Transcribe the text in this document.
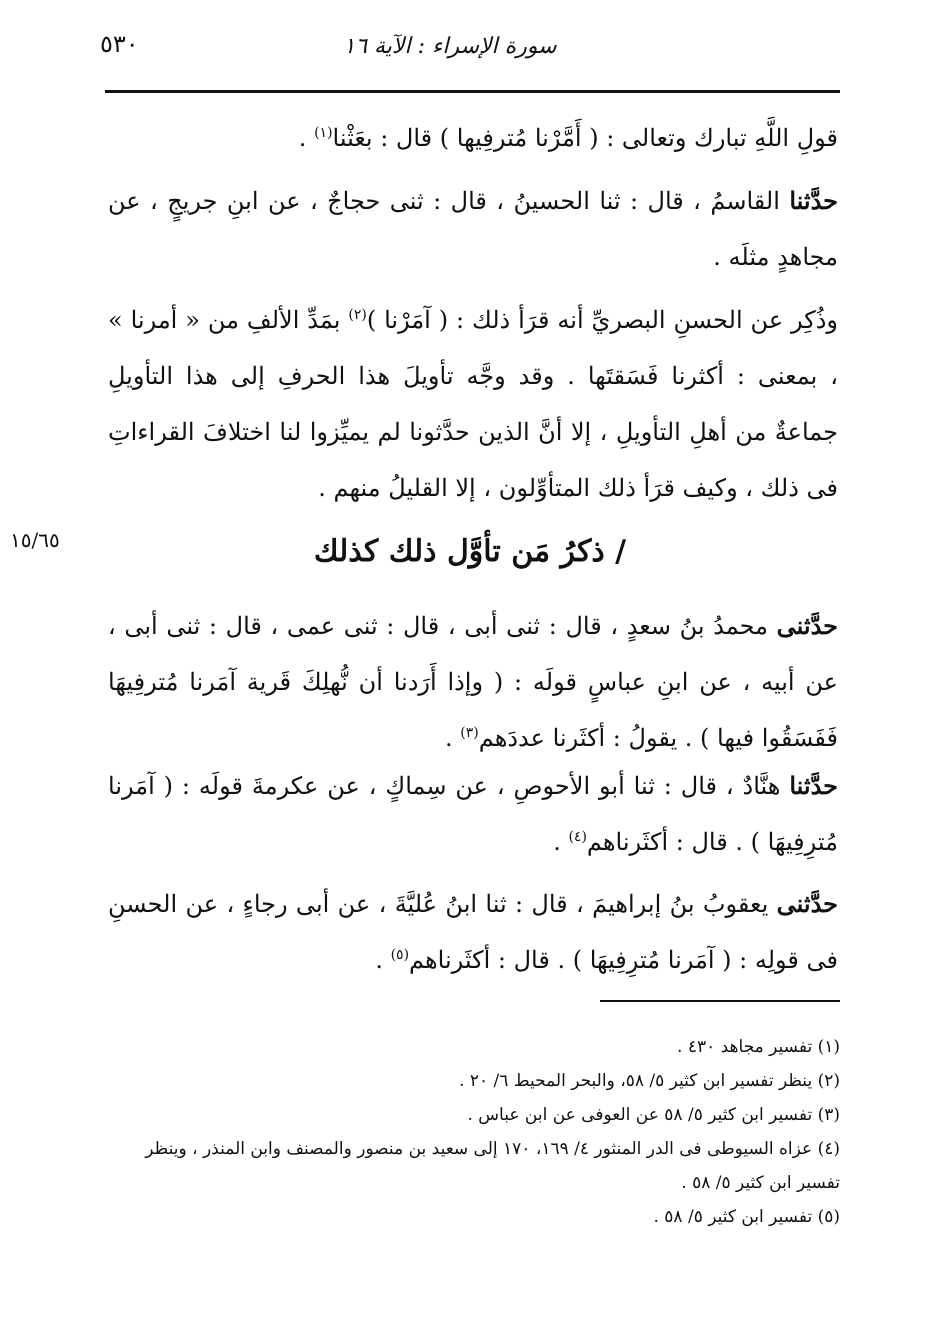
٥٣٠	سورة الإسراء : الآية ١٦
١٥/٦٥

قولِ اللَّهِ تبارك وتعالى : ( أَمَّرْنا مُترفِيها ) قال : بعَثْنا$^{(١)}$ .

حدَّثنا القاسمُ ، قال : ثنا الحسينُ ، قال : ثنى حجاجٌ ، عن ابنِ جريجٍ ، عن مجاهدٍ مثلَه .

وذُكِر عن الحسنِ البصريِّ أنه قرَأ ذلك : ( آمَرْنا )$^{(٢)}$ بمَدِّ الألفِ من « أمرنا » ، بمعنى : أكثرنا فَسَقتَها . وقد وجَّه تأويلَ هذا الحرفِ إلى هذا التأويلِ جماعةٌ من أهلِ التأويلِ ، إلا أنَّ الذين حدَّثونا لم يميِّزوا لنا اختلافَ القراءاتِ فى ذلك ، وكيف قرَأ ذلك المتأوِّلون ، إلا القليلُ منهم .

/ ذكرُ مَن تأوَّل ذلك كذلك

حدَّثنى محمدُ بنُ سعدٍ ، قال : ثنى أبى ، قال : ثنى عمى ، قال : ثنى أبى ، عن أبيه ، عن ابنِ عباسٍ قولَه : ( وإذا أَرَدنا أن نُّهلِكَ قَرية آمَرنا مُترفِيهَا فَفَسَقُوا فيها ) . يقولُ : أكثَرنا عددَهم$^{(٣)}$ .

حدَّثنا هنَّادٌ ، قال : ثنا أبو الأحوصِ ، عن سِماكٍ ، عن عكرمةَ قولَه : ( آمَرنا مُترِفِيهَا ) . قال : أكثَرناهم$^{(٤)}$ .

حدَّثنى يعقوبُ بنُ إبراهيمَ ، قال : ثنا ابنُ عُليَّةَ ، عن أبى رجاءٍ ، عن الحسنِ فى قولِه : ( آمَرنا مُترِفِيهَا ) . قال : أكثَرناهم$^{(٥)}$ .

(١) تفسير مجاهد ٤٣٠ .

(٢) ينظر تفسير ابن كثير ٥/ ٥٨، والبحر المحيط ٦/ ٢٠ .

(٣) تفسير ابن كثير ٥/ ٥٨ عن العوفى عن ابن عباس .

(٤) عزاه السيوطى فى الدر المنثور ٤/ ١٦٩، ١٧٠ إلى سعيد بن منصور والمصنف وابن المنذر ، وينظر تفسير ابن كثير ٥/ ٥٨ .

(٥) تفسير ابن كثير ٥/ ٥٨ .
